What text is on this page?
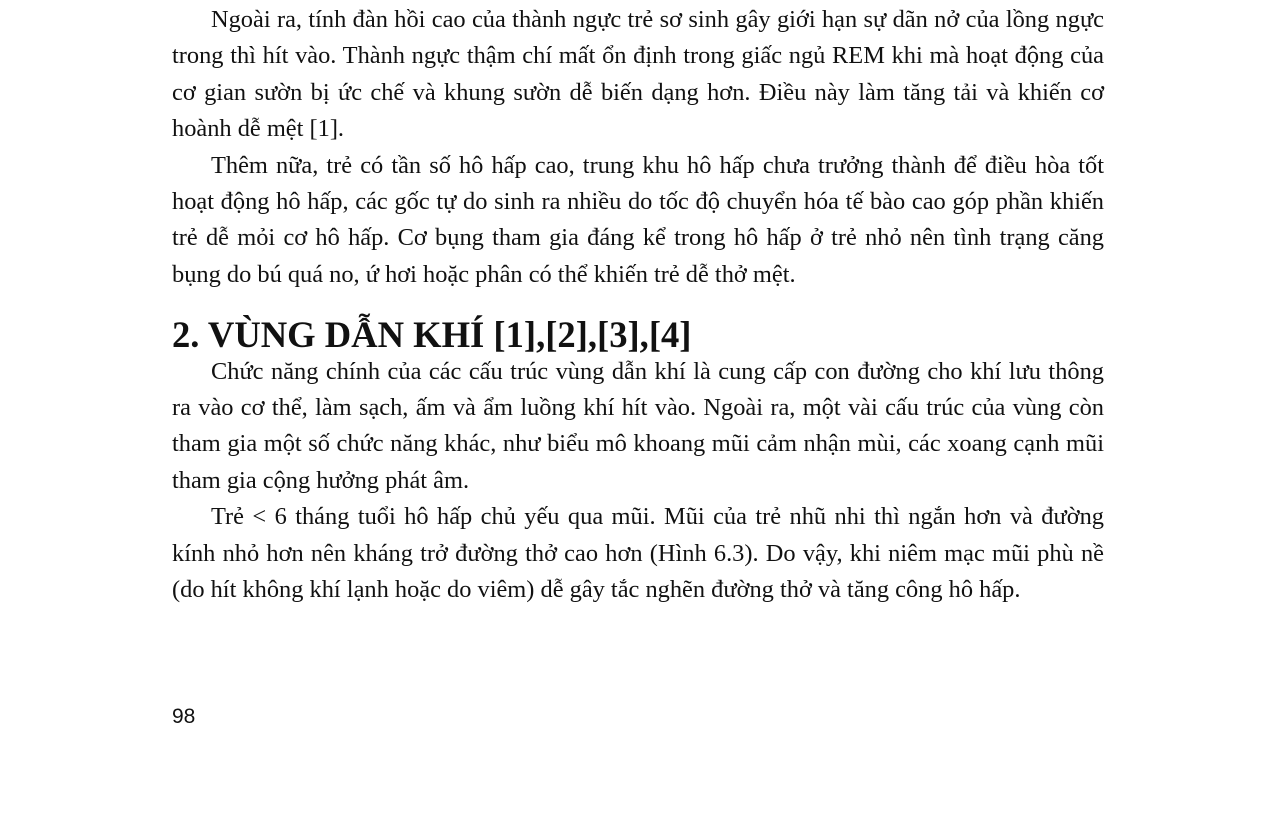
Ngoài ra, tính đàn hồi cao của thành ngực trẻ sơ sinh gây giới hạn sự dãn nở của lồng ngực trong thì hít vào. Thành ngực thậm chí mất ổn định trong giấc ngủ REM khi mà hoạt động của cơ gian sườn bị ức chế và khung sườn dễ biến dạng hơn. Điều này làm tăng tải và khiến cơ hoành dễ mệt [1].

Thêm nữa, trẻ có tần số hô hấp cao, trung khu hô hấp chưa trưởng thành để điều hòa tốt hoạt động hô hấp, các gốc tự do sinh ra nhiều do tốc độ chuyển hóa tế bào cao góp phần khiến trẻ dễ mỏi cơ hô hấp. Cơ bụng tham gia đáng kể trong hô hấp ở trẻ nhỏ nên tình trạng căng bụng do bú quá no, ứ hơi hoặc phân có thể khiến trẻ dễ thở mệt.

2. VÙNG DẪN KHÍ [1],[2],[3],[4]

Chức năng chính của các cấu trúc vùng dẫn khí là cung cấp con đường cho khí lưu thông ra vào cơ thể, làm sạch, ấm và ẩm luồng khí hít vào. Ngoài ra, một vài cấu trúc của vùng còn tham gia một số chức năng khác, như biểu mô khoang mũi cảm nhận mùi, các xoang cạnh mũi tham gia cộng hưởng phát âm.

Trẻ < 6 tháng tuổi hô hấp chủ yếu qua mũi. Mũi của trẻ nhũ nhi thì ngắn hơn và đường kính nhỏ hơn nên kháng trở đường thở cao hơn (Hình 6.3). Do vậy, khi niêm mạc mũi phù nề (do hít không khí lạnh hoặc do viêm) dễ gây tắc nghẽn đường thở và tăng công hô hấp.

98
